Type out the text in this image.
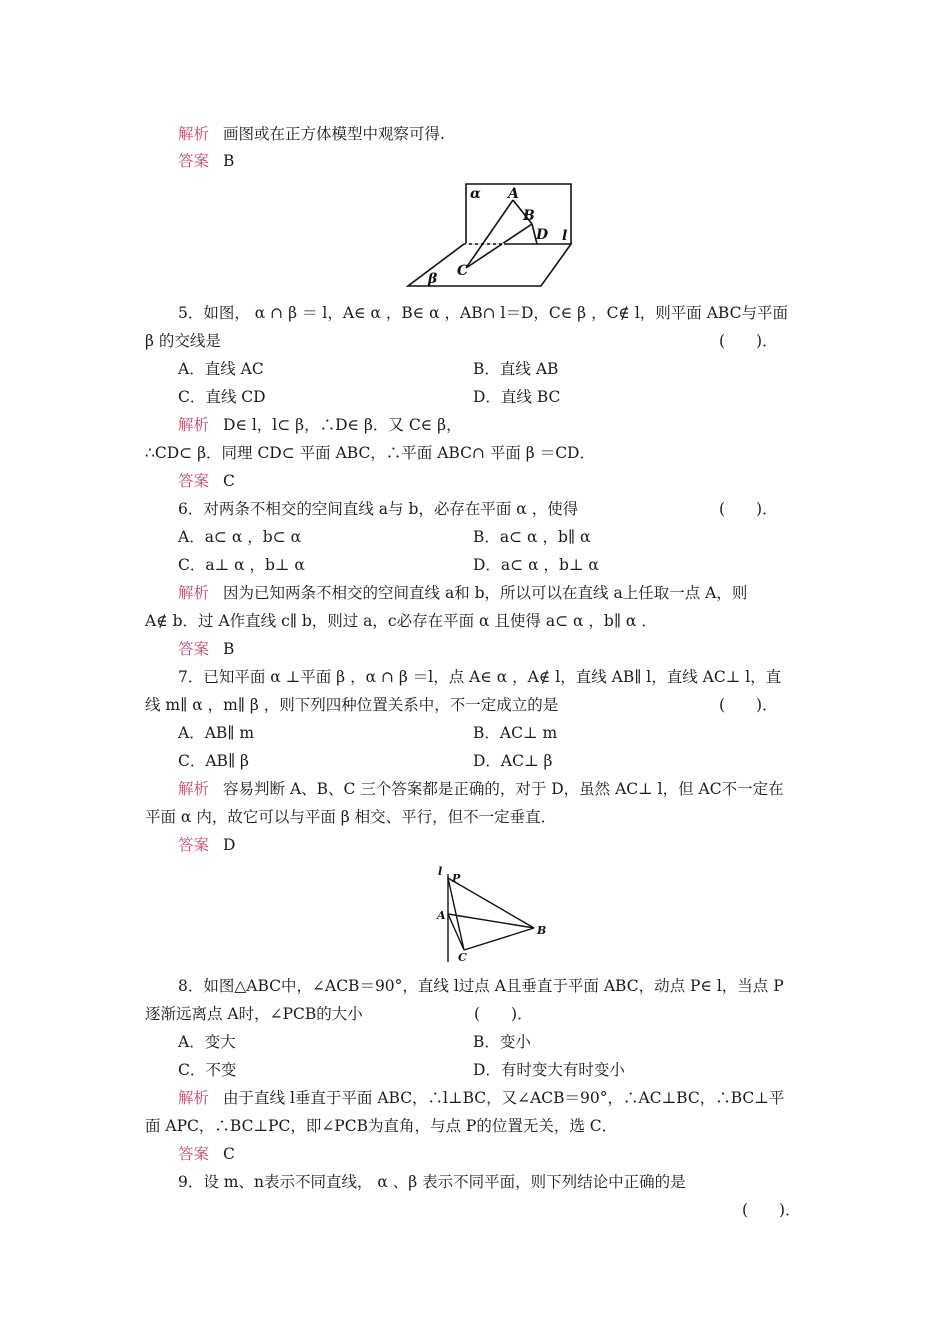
解析 画图或在正方体模型中观察可得.
答案 B
α A
B
D l
C
β
5．如图， α ∩ β ＝ l，A∈ α ，B∈ α ，AB∩ l＝D，C∈ β ，C∉ l，则平面 ABC与平面
β 的交线是	(　　)．
A．直线 AC	B．直线 AB
C．直线 CD	D．直线 BC
解析 D∈ l，l⊂ β，∴D∈ β．又 C∈ β，
∴CD⊂ β．同理 CD⊂ 平面 ABC，∴平面 ABC∩ 平面 β ＝CD．
答案 C
6．对两条不相交的空间直线 a与 b，必存在平面 α ，使得	(　　)．
A．a⊂ α ，b⊂ α	B．a⊂ α ，b∥ α
C．a⊥ α ，b⊥ α	D．a⊂ α ，b⊥ α
解析 因为已知两条不相交的空间直线 a和 b，所以可以在直线 a上任取一点 A，则
A∉ b．过 A作直线 c∥ b，则过 a，c必存在平面 α 且使得 a⊂ α ，b∥ α ．
答案 B
7．已知平面 α ⊥平面 β ，α ∩ β ＝l，点 A∈ α ，A∉ l，直线 AB∥ l，直线 AC⊥ l，直
线 m∥ α ，m∥ β ，则下列四种位置关系中，不一定成立的是	(　　)．
A．AB∥ m	B．AC⊥ m
C．AB∥ β	D．AC⊥ β
解析 容易判断 A、B、C 三个答案都是正确的，对于 D，虽然 AC⊥ l，但 AC不一定在
平面 α 内，故它可以与平面 β 相交、平行，但不一定垂直．
答案 D
l
P
A
B
C
8．如图△ABC中，∠ACB＝90°，直线 l过点 A且垂直于平面 ABC，动点 P∈ l，当点 P
逐渐远离点 A时，∠PCB的大小	(　　)．
A．变大	B．变小
C．不变	D．有时变大有时变小
解析 由于直线 l垂直于平面 ABC，∴l⊥BC，又∠ACB＝90°，∴AC⊥BC，∴BC⊥平
面 APC，∴BC⊥PC，即∠PCB为直角，与点 P的位置无关，选 C．
答案 C
9．设 m、n表示不同直线， α 、β 表示不同平面，则下列结论中正确的是
(　　)．
